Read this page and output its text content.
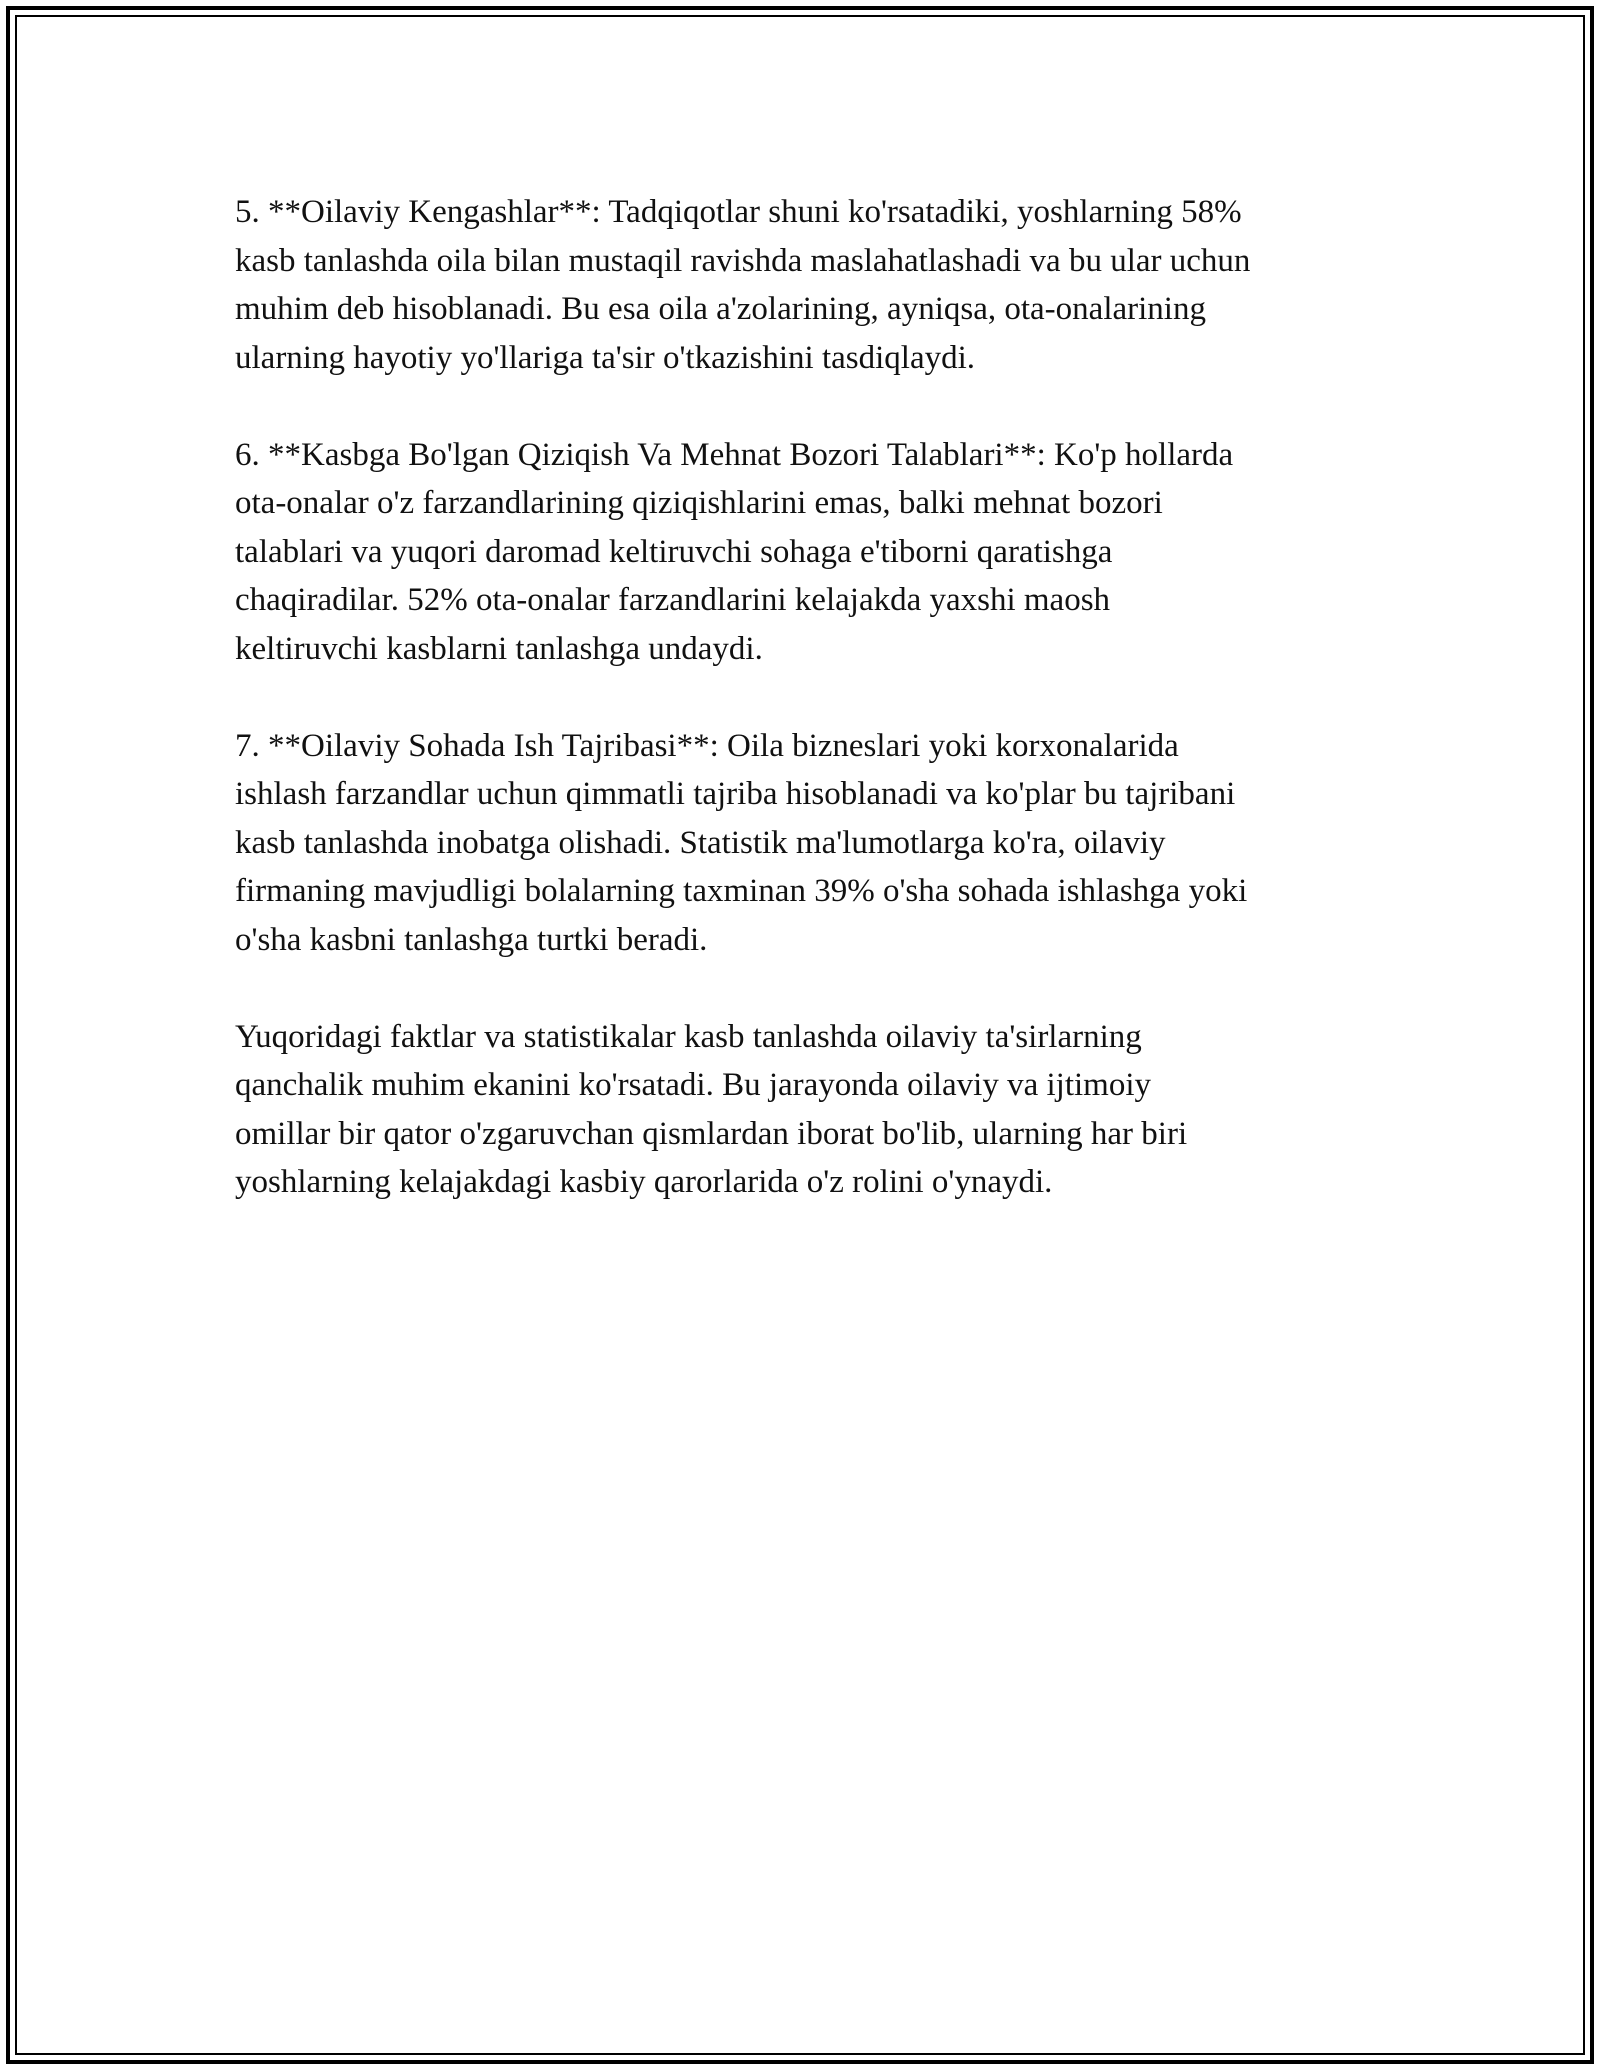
5. **Oilaviy Kengashlar**: Tadqiqotlar shuni ko'rsatadiki, yoshlarning 58%
kasb tanlashda oila bilan mustaqil ravishda maslahatlashadi va bu ular uchun
muhim deb hisoblanadi. Bu esa oila a'zolarining, ayniqsa, ota-onalarining
ularning hayotiy yo'llariga ta'sir o'tkazishini tasdiqlaydi.

6. **Kasbga Bo'lgan Qiziqish Va Mehnat Bozori Talablari**: Ko'p hollarda
ota-onalar o'z farzandlarining qiziqishlarini emas, balki mehnat bozori
talablari va yuqori daromad keltiruvchi sohaga e'tiborni qaratishga
chaqiradilar. 52% ota-onalar farzandlarini kelajakda yaxshi maosh
keltiruvchi kasblarni tanlashga undaydi.

7. **Oilaviy Sohada Ish Tajribasi**: Oila bizneslari yoki korxonalarida
ishlash farzandlar uchun qimmatli tajriba hisoblanadi va ko'plar bu tajribani
kasb tanlashda inobatga olishadi. Statistik ma'lumotlarga ko'ra, oilaviy
firmaning mavjudligi bolalarning taxminan 39% o'sha sohada ishlashga yoki
o'sha kasbni tanlashga turtki beradi.

Yuqoridagi faktlar va statistikalar kasb tanlashda oilaviy ta'sirlarning
qanchalik muhim ekanini ko'rsatadi. Bu jarayonda oilaviy va ijtimoiy
omillar bir qator o'zgaruvchan qismlardan iborat bo'lib, ularning har biri
yoshlarning kelajakdagi kasbiy qarorlarida o'z rolini o'ynaydi.
